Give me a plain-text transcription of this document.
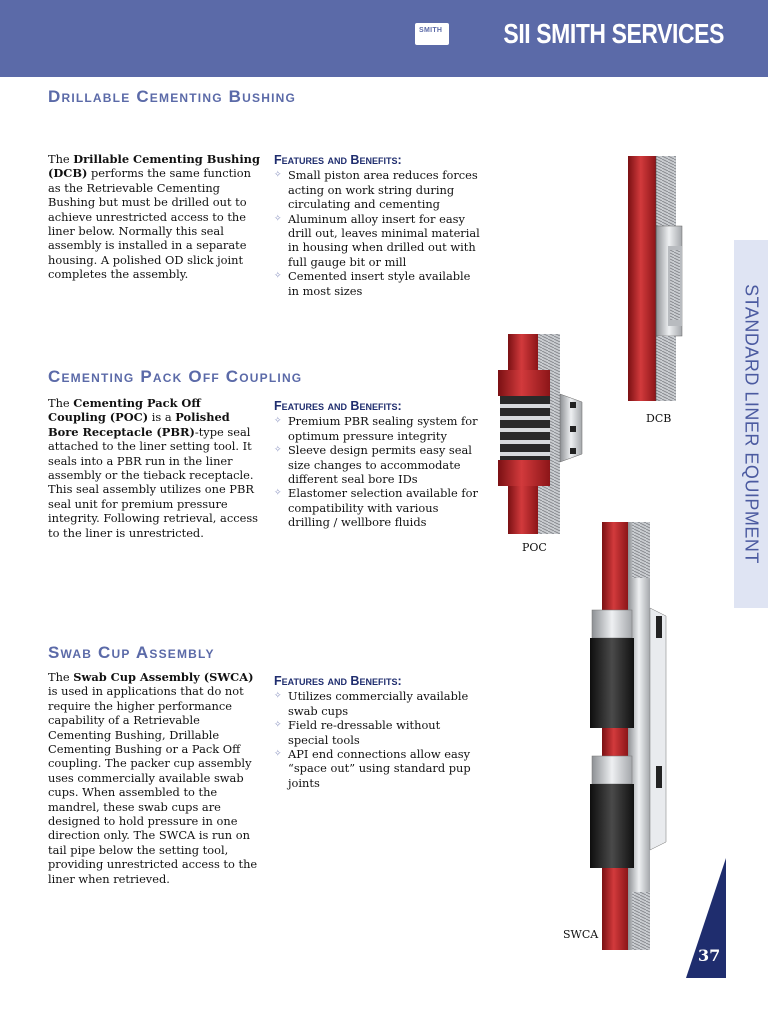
SMITH SII SMITH SERVICES
STANDARD LINER EQUIPMENT
Drillable Cementing Bushing
The Drillable Cementing Bushing (DCB) performs the same function as the Retrievable Cementing Bushing but must be drilled out to achieve unrestricted access to the liner below. Normally this seal assembly is installed in a separate housing. A polished OD slick joint completes the assembly.
Features and Benefits:
✧ Small piston area reduces forces acting on work string during circulating and cementing
✧ Aluminum alloy insert for easy drill out, leaves minimal material in housing when drilled out with full gauge bit or mill
✧ Cemented insert style available in most sizes
Cementing Pack Off Coupling
The Cementing Pack Off Coupling (POC) is a Polished Bore Receptacle (PBR)-type seal attached to the liner setting tool. It seals into a PBR run in the liner assembly or the tieback receptacle. This seal assembly utilizes one PBR seal unit for premium pressure integrity. Following retrieval, access to the liner is unrestricted.
Features and Benefits:
✧ Premium PBR sealing system for optimum pressure integrity
✧ Sleeve design permits easy seal size changes to accommodate different seal bore IDs
✧ Elastomer selection available for compatibility with various drilling / wellbore fluids
Swab Cup Assembly
The Swab Cup Assembly (SWCA) is used in applications that do not require the higher performance capability of a Retrievable Cementing Bushing, Drillable Cementing Bushing or a Pack Off coupling. The packer cup assembly uses commercially available swab cups. When assembled to the mandrel, these swab cups are designed to hold pressure in one direction only. The SWCA is run on tail pipe below the setting tool, providing unrestricted access to the liner when retrieved.
Features and Benefits:
✧ Utilizes commercially available swab cups
✧ Field re-dressable without special tools
✧ API end connections allow easy “space out” using standard pup joints
DCB
POC
SWCA
37
